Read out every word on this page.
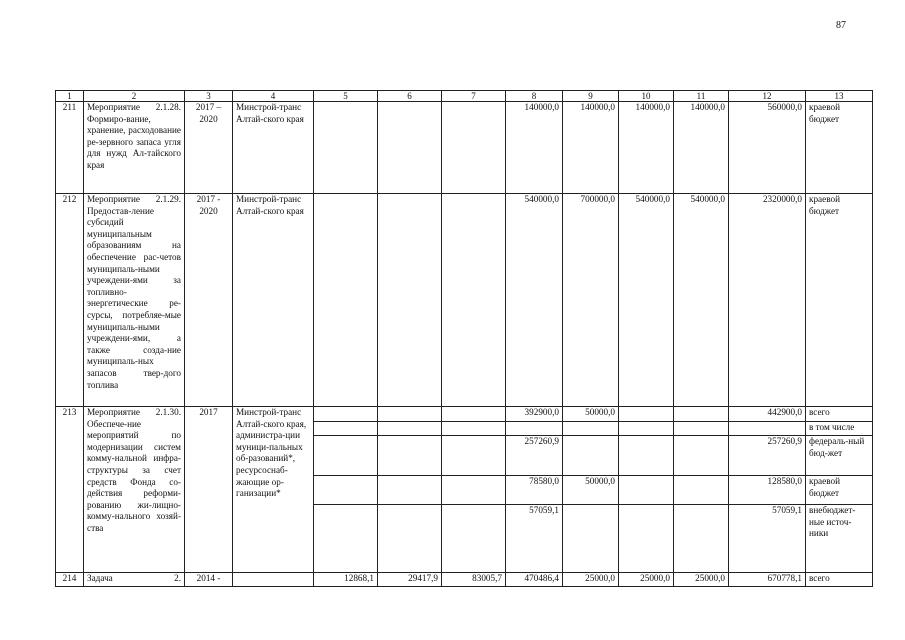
87
1	2	3	4	5	6	7	8	9	10	11	12	13
211	Мероприятие 2.1.28. Формиро-вание, хранение, расходование ре-зервного запаса угля для нужд Ал-тайского края	2017 – 2020	Минстрой-транс Алтай-ского края				140000,0	140000,0	140000,0	140000,0	560000,0	краевой бюджет
212	Мероприятие 2.1.29. Предостав-ление субсидий муниципальным образованиям на обеспечение рас-четов муниципаль-ными учреждени-ями за топливно-энергетические ре-сурсы, потребляе-мые муниципаль-ными учреждени-ями, а также созда-ние муниципаль-ных запасов твер-дого топлива	2017 - 2020	Минстрой-транс Алтай-ского края				540000,0	700000,0	540000,0	540000,0	2320000,0	краевой бюджет
213	Мероприятие 2.1.30. Обеспече-ние мероприятий по модернизации систем комму-нальной инфра-структуры за счет средств Фонда со-действия реформи-рованию жи-лищно-комму-нального хозяй-ства	2017	Минстрой-транс Алтай-ского края, администра-ции муници-пальных об-разований*, ресурсоснаб-жающие ор-ганизации*				392900,0	50000,0			442900,0	всего
												в том числе
							257260,9				257260,9	федераль-ный бюд-жет
							78580,0	50000,0			128580,0	краевой бюджет
							57059,1				57059,1	внебюджет-ные источ-ники
214	Задача 2.	2014 -		12868,1	29417,9	83005,7	470486,4	25000,0	25000,0	25000,0	670778,1	всего
